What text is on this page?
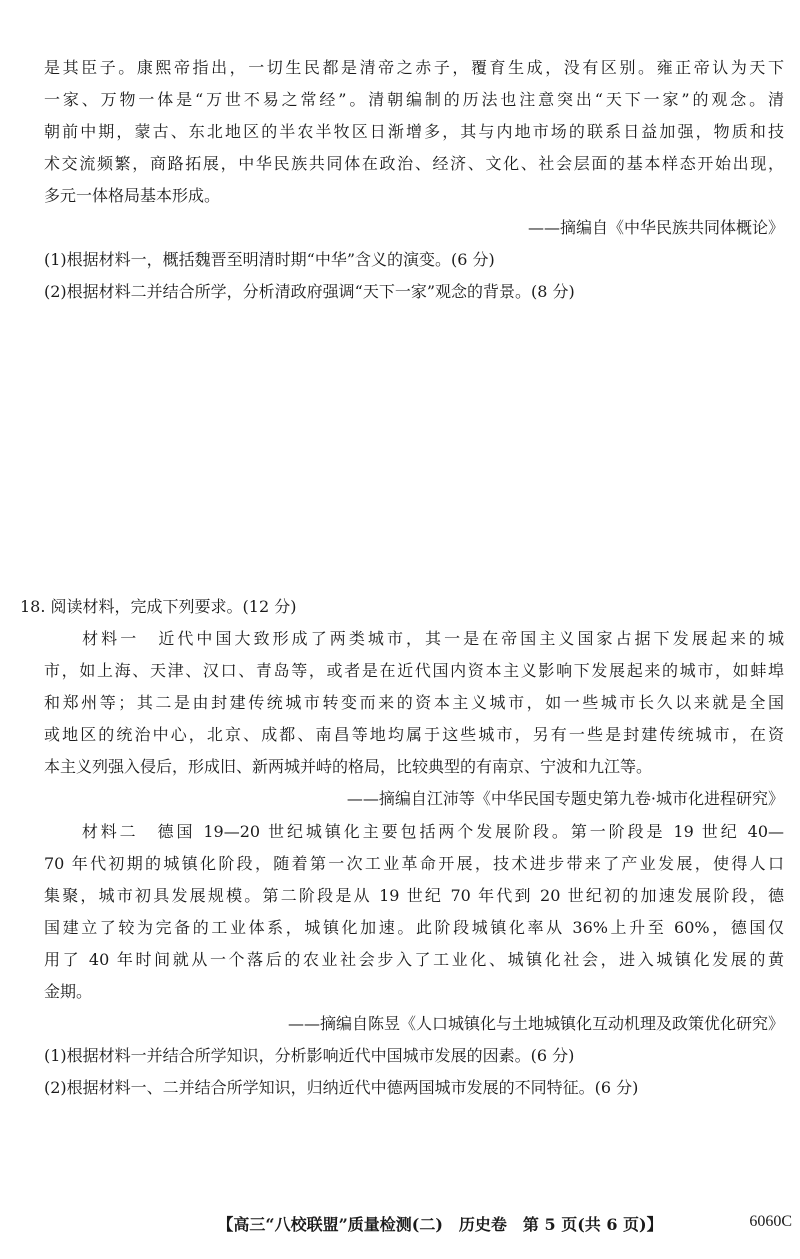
是其臣子。康熙帝指出，一切生民都是清帝之赤子，覆育生成，没有区别。雍正帝认为天下
一家、万物一体是“万世不易之常经”。清朝编制的历法也注意突出“天下一家”的观念。清
朝前中期，蒙古、东北地区的半农半牧区日渐增多，其与内地市场的联系日益加强，物质和技
术交流频繁，商路拓展，中华民族共同体在政治、经济、文化、社会层面的基本样态开始出现，
多元一体格局基本形成。
——摘编自《中华民族共同体概论》
(1)根据材料一，概括魏晋至明清时期“中华”含义的演变。(6 分)
(2)根据材料二并结合所学，分析清政府强调“天下一家”观念的背景。(8 分)
18. 阅读材料，完成下列要求。(12 分)
　　材料一　近代中国大致形成了两类城市，其一是在帝国主义国家占据下发展起来的城
市，如上海、天津、汉口、青岛等，或者是在近代国内资本主义影响下发展起来的城市，如蚌埠
和郑州等；其二是由封建传统城市转变而来的资本主义城市，如一些城市长久以来就是全国
或地区的统治中心，北京、成都、南昌等地均属于这些城市，另有一些是封建传统城市，在资
本主义列强入侵后，形成旧、新两城并峙的格局，比较典型的有南京、宁波和九江等。
——摘编自江沛等《中华民国专题史第九卷·城市化进程研究》
　　材料二　德国 19—20 世纪城镇化主要包括两个发展阶段。第一阶段是 19 世纪 40—
70 年代初期的城镇化阶段，随着第一次工业革命开展，技术进步带来了产业发展，使得人口
集聚，城市初具发展规模。第二阶段是从 19 世纪 70 年代到 20 世纪初的加速发展阶段，德
国建立了较为完备的工业体系，城镇化加速。此阶段城镇化率从 36%上升至 60%，德国仅
用了 40 年时间就从一个落后的农业社会步入了工业化、城镇化社会，进入城镇化发展的黄
金期。
——摘编自陈昱《人口城镇化与土地城镇化互动机理及政策优化研究》
(1)根据材料一并结合所学知识，分析影响近代中国城市发展的因素。(6 分)
(2)根据材料一、二并结合所学知识，归纳近代中德两国城市发展的不同特征。(6 分)
【高三“八校联盟”质量检测(二)　历史卷　第 5 页(共 6 页)】	6060C
